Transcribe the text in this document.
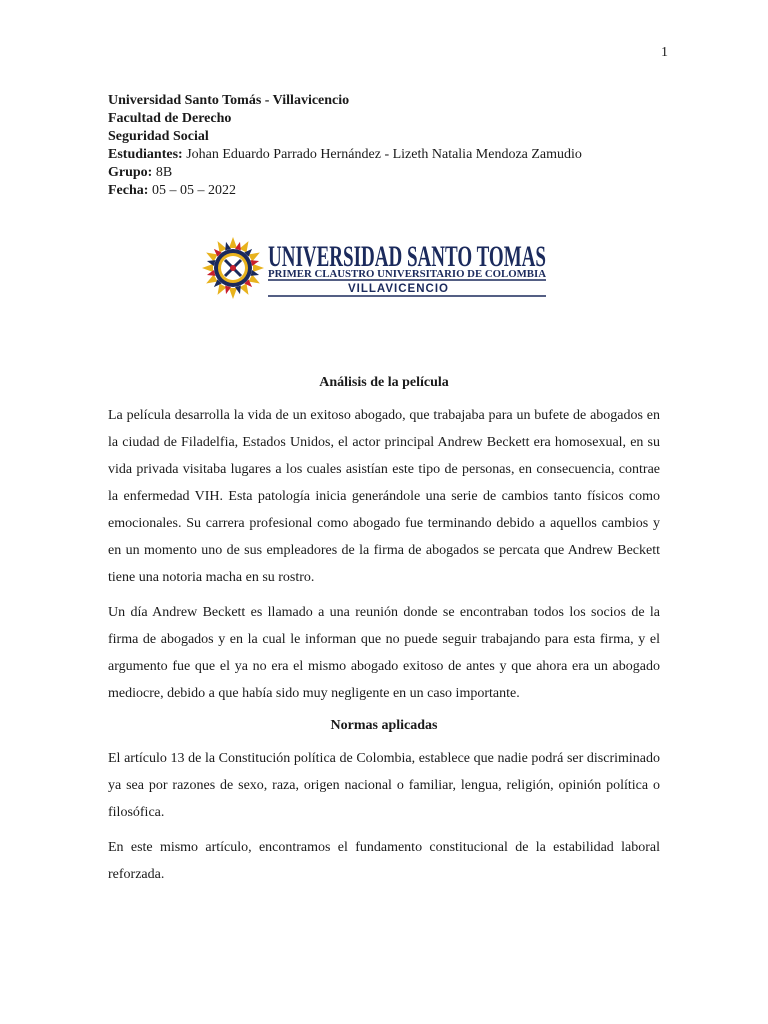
1
Universidad Santo Tomás - Villavicencio
Facultad de Derecho
Seguridad Social
Estudiantes: Johan Eduardo Parrado Hernández - Lizeth Natalia Mendoza Zamudio
Grupo: 8B
Fecha: 05 – 05 – 2022
UNIVERSIDAD SANTO TOMAS
PRIMER CLAUSTRO UNIVERSITARIO DE COLOMBIA
VILLAVICENCIO
Análisis de la película

La película desarrolla la vida de un exitoso abogado, que trabajaba para un bufete de abogados en la ciudad de Filadelfia, Estados Unidos, el actor principal Andrew Beckett era homosexual, en su vida privada visitaba lugares a los cuales asistían este tipo de personas, en consecuencia, contrae la enfermedad VIH. Esta patología inicia generándole una serie de cambios tanto físicos como emocionales. Su carrera profesional como abogado fue terminando debido a aquellos cambios y en un momento uno de sus empleadores de la firma de abogados se percata que Andrew Beckett tiene una notoria macha en su rostro.

Un día Andrew Beckett es llamado a una reunión donde se encontraban todos los socios de la firma de abogados y en la cual le informan que no puede seguir trabajando para esta firma, y el argumento fue que el ya no era el mismo abogado exitoso de antes y que ahora era un abogado mediocre, debido a que había sido muy negligente en un caso importante.

Normas aplicadas

El artículo 13 de la Constitución política de Colombia, establece que nadie podrá ser discriminado ya sea por razones de sexo, raza, origen nacional o familiar, lengua, religión, opinión política o filosófica.

En este mismo artículo, encontramos el fundamento constitucional de la estabilidad laboral reforzada.
